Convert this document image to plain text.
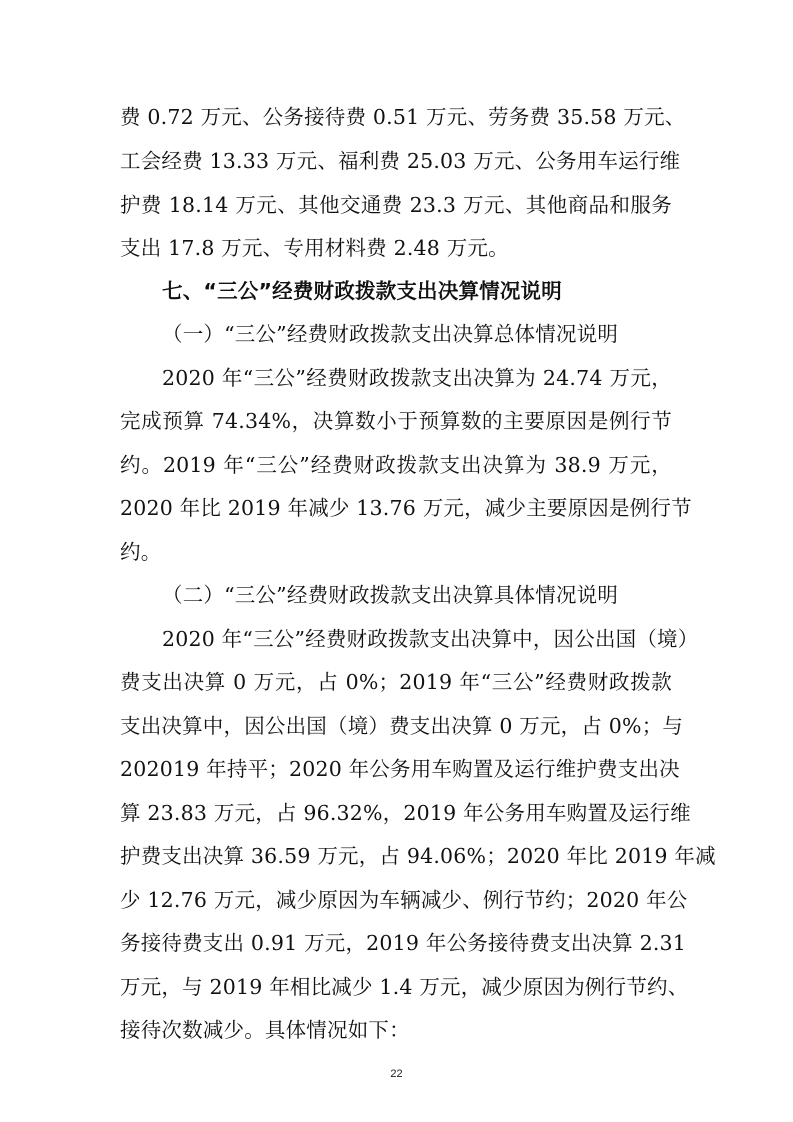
费 0.72 万元、公务接待费 0.51 万元、劳务费 35.58 万元、
工会经费 13.33 万元、福利费 25.03 万元、公务用车运行维
护费 18.14 万元、其他交通费 23.3 万元、其他商品和服务
支出 17.8 万元、专用材料费 2.48 万元。
七、“三公”经费财政拨款支出决算情况说明
（一）“三公”经费财政拨款支出决算总体情况说明
2020 年“三公”经费财政拨款支出决算为 24.74 万元，
完成预算 74.34%，决算数小于预算数的主要原因是例行节
约。2019 年“三公”经费财政拨款支出决算为 38.9 万元，
2020 年比 2019 年减少 13.76 万元，减少主要原因是例行节
约。
（二）“三公”经费财政拨款支出决算具体情况说明
2020 年“三公”经费财政拨款支出决算中，因公出国（境）
费支出决算 0 万元，占 0%；2019 年“三公”经费财政拨款
支出决算中，因公出国（境）费支出决算 0 万元，占 0%；与
202019 年持平；2020 年公务用车购置及运行维护费支出决
算 23.83 万元，占 96.32%，2019 年公务用车购置及运行维
护费支出决算 36.59 万元，占 94.06%；2020 年比 2019 年减
少 12.76 万元，减少原因为车辆减少、例行节约；2020 年公
务接待费支出 0.91 万元，2019 年公务接待费支出决算 2.31
万元，与 2019 年相比减少 1.4 万元，减少原因为例行节约、
接待次数减少。具体情况如下：
22
